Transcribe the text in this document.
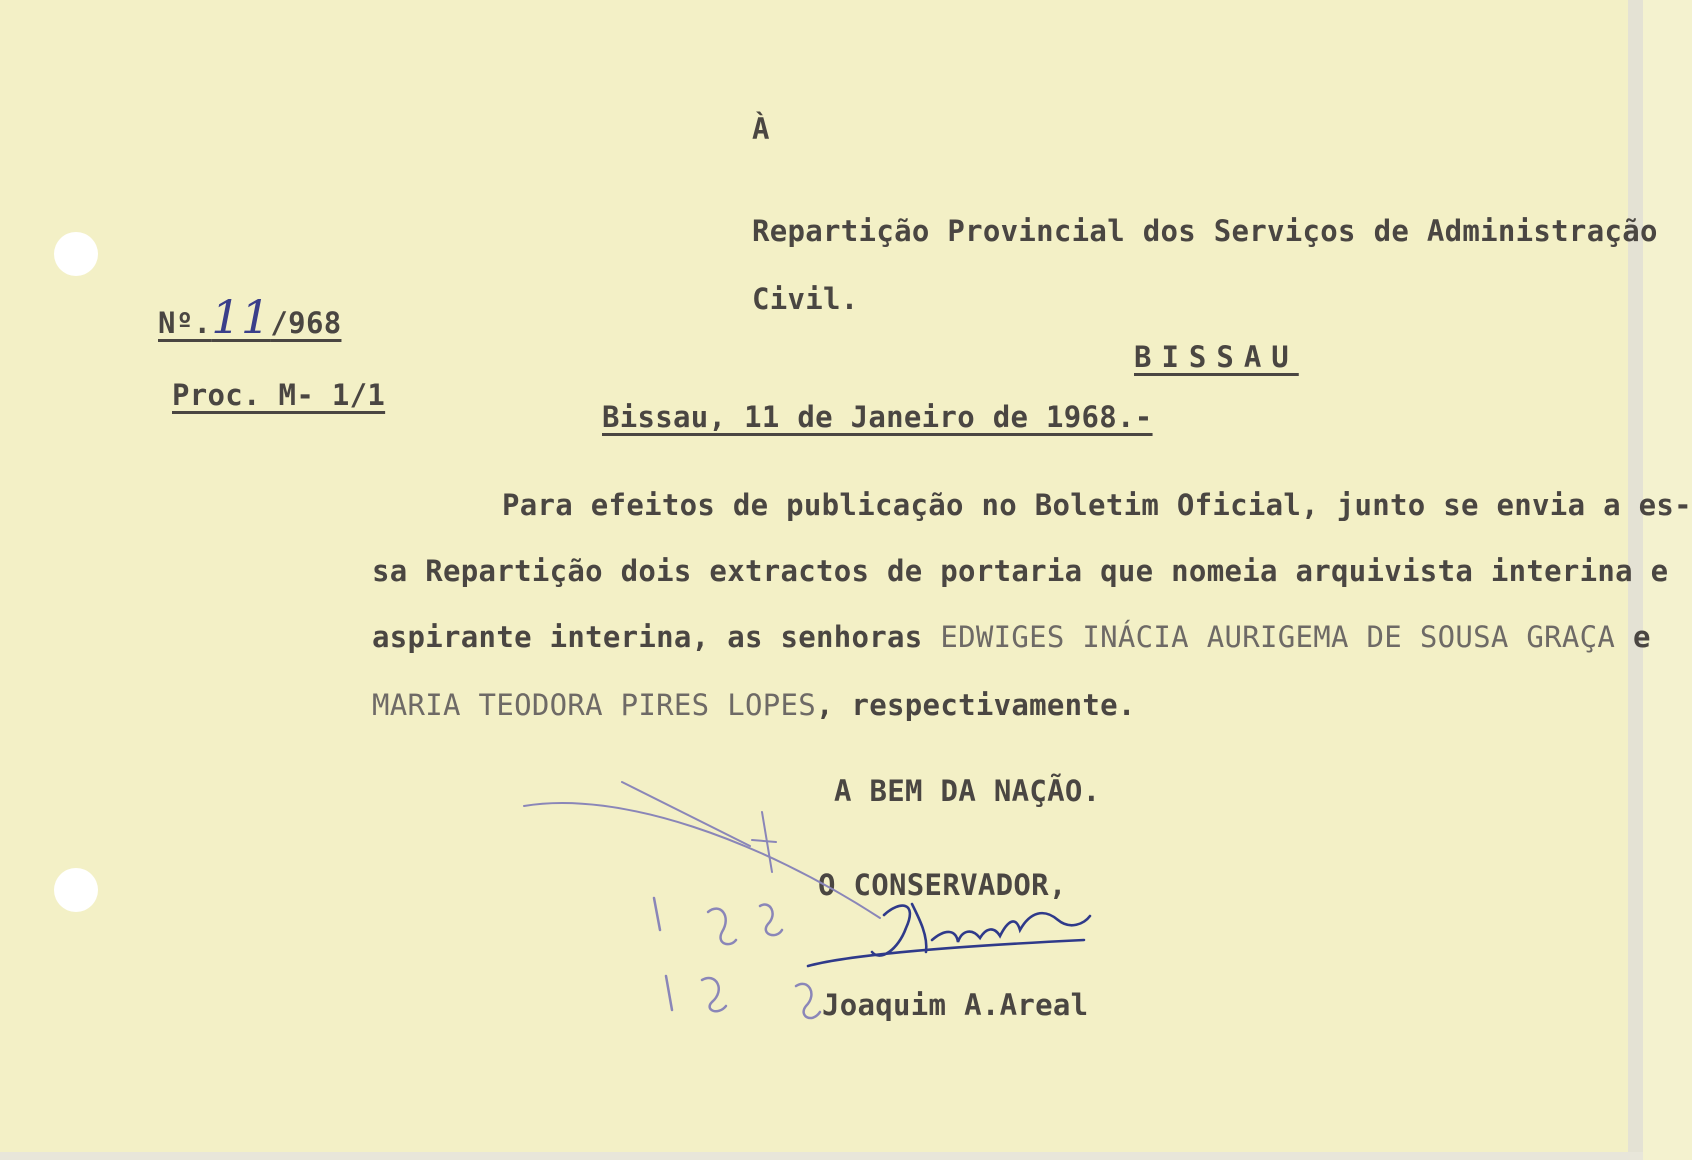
À
Repartição Provincial dos Serviços de Administração
Civil.
BISSAU
Nº.11/968
Proc. M- 1/1
Bissau, 11 de Janeiro de 1968.-
Para efeitos de publicação no Boletim Oficial, junto se envia a es-
sa Repartição dois extractos de portaria que nomeia arquivista interina e
aspirante interina, as senhoras EDWIGES INÁCIA AURIGEMA DE SOUSA GRAÇA e
MARIA TEODORA PIRES LOPES, respectivamente.
A BEM DA NAÇÃO.
O CONSERVADOR,
Joaquim A.Areal
